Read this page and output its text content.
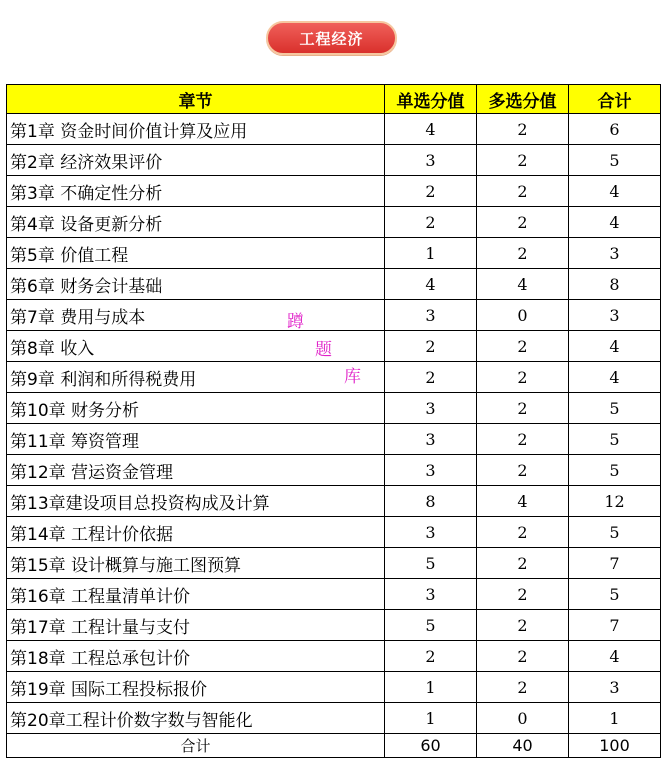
工程经济
章节	单选分值	多选分值	合计
第1章 资金时间价值计算及应用	4	2	6
第2章 经济效果评价	3	2	5
第3章 不确定性分析	2	2	4
第4章 设备更新分析	2	2	4
第5章 价值工程	1	2	3
第6章 财务会计基础	4	4	8
第7章 费用与成本	3	0	3
第8章 收入	2	2	4
第9章 利润和所得税费用	2	2	4
第10章 财务分析	3	2	5
第11章 筹资管理	3	2	5
第12章 营运资金管理	3	2	5
第13章建设项目总投资构成及计算	8	4	12
第14章 工程计价依据	3	2	5
第15章 设计概算与施工图预算	5	2	7
第16章 工程量清单计价	3	2	5
第17章 工程计量与支付	5	2	7
第18章 工程总承包计价	2	2	4
第19章 国际工程投标报价	1	2	3
第20章工程计价数字数与智能化	1	0	1
合计	60	40	100
蹲
题
库
